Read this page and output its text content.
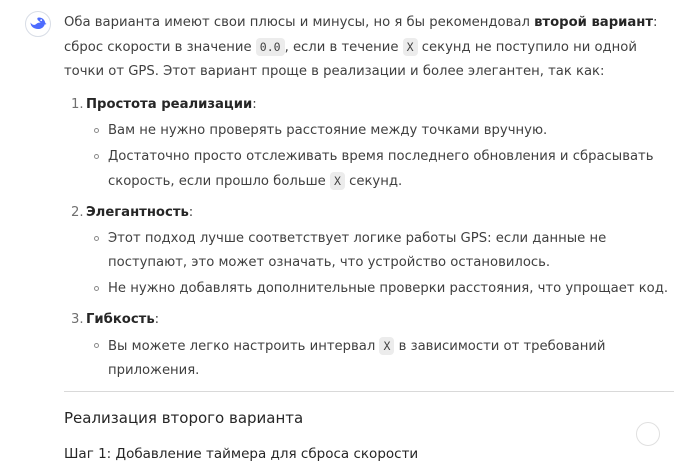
Оба варианта имеют свои плюсы и минусы, но я бы рекомендовал второй вариант: сброс скорости в значение 0.0 , если в течение X секунд не поступило ни одной точки от GPS. Этот вариант проще в реализации и более элегантен, так как:

1. Простота реализации:

Вам не нужно проверять расстояние между точками вручную.
Достаточно просто отслеживать время последнего обновления и сбрасывать скорость, если прошло больше X секунд.

2. Элегантность:

Этот подход лучше соответствует логике работы GPS: если данные не поступают, это может означать, что устройство остановилось.
Не нужно добавлять дополнительные проверки расстояния, что упрощает код.

3. Гибкость:

Вы можете легко настроить интервал X в зависимости от требований приложения.
Реализация второго варианта
Шаг 1: Добавление таймера для сброса скорости
